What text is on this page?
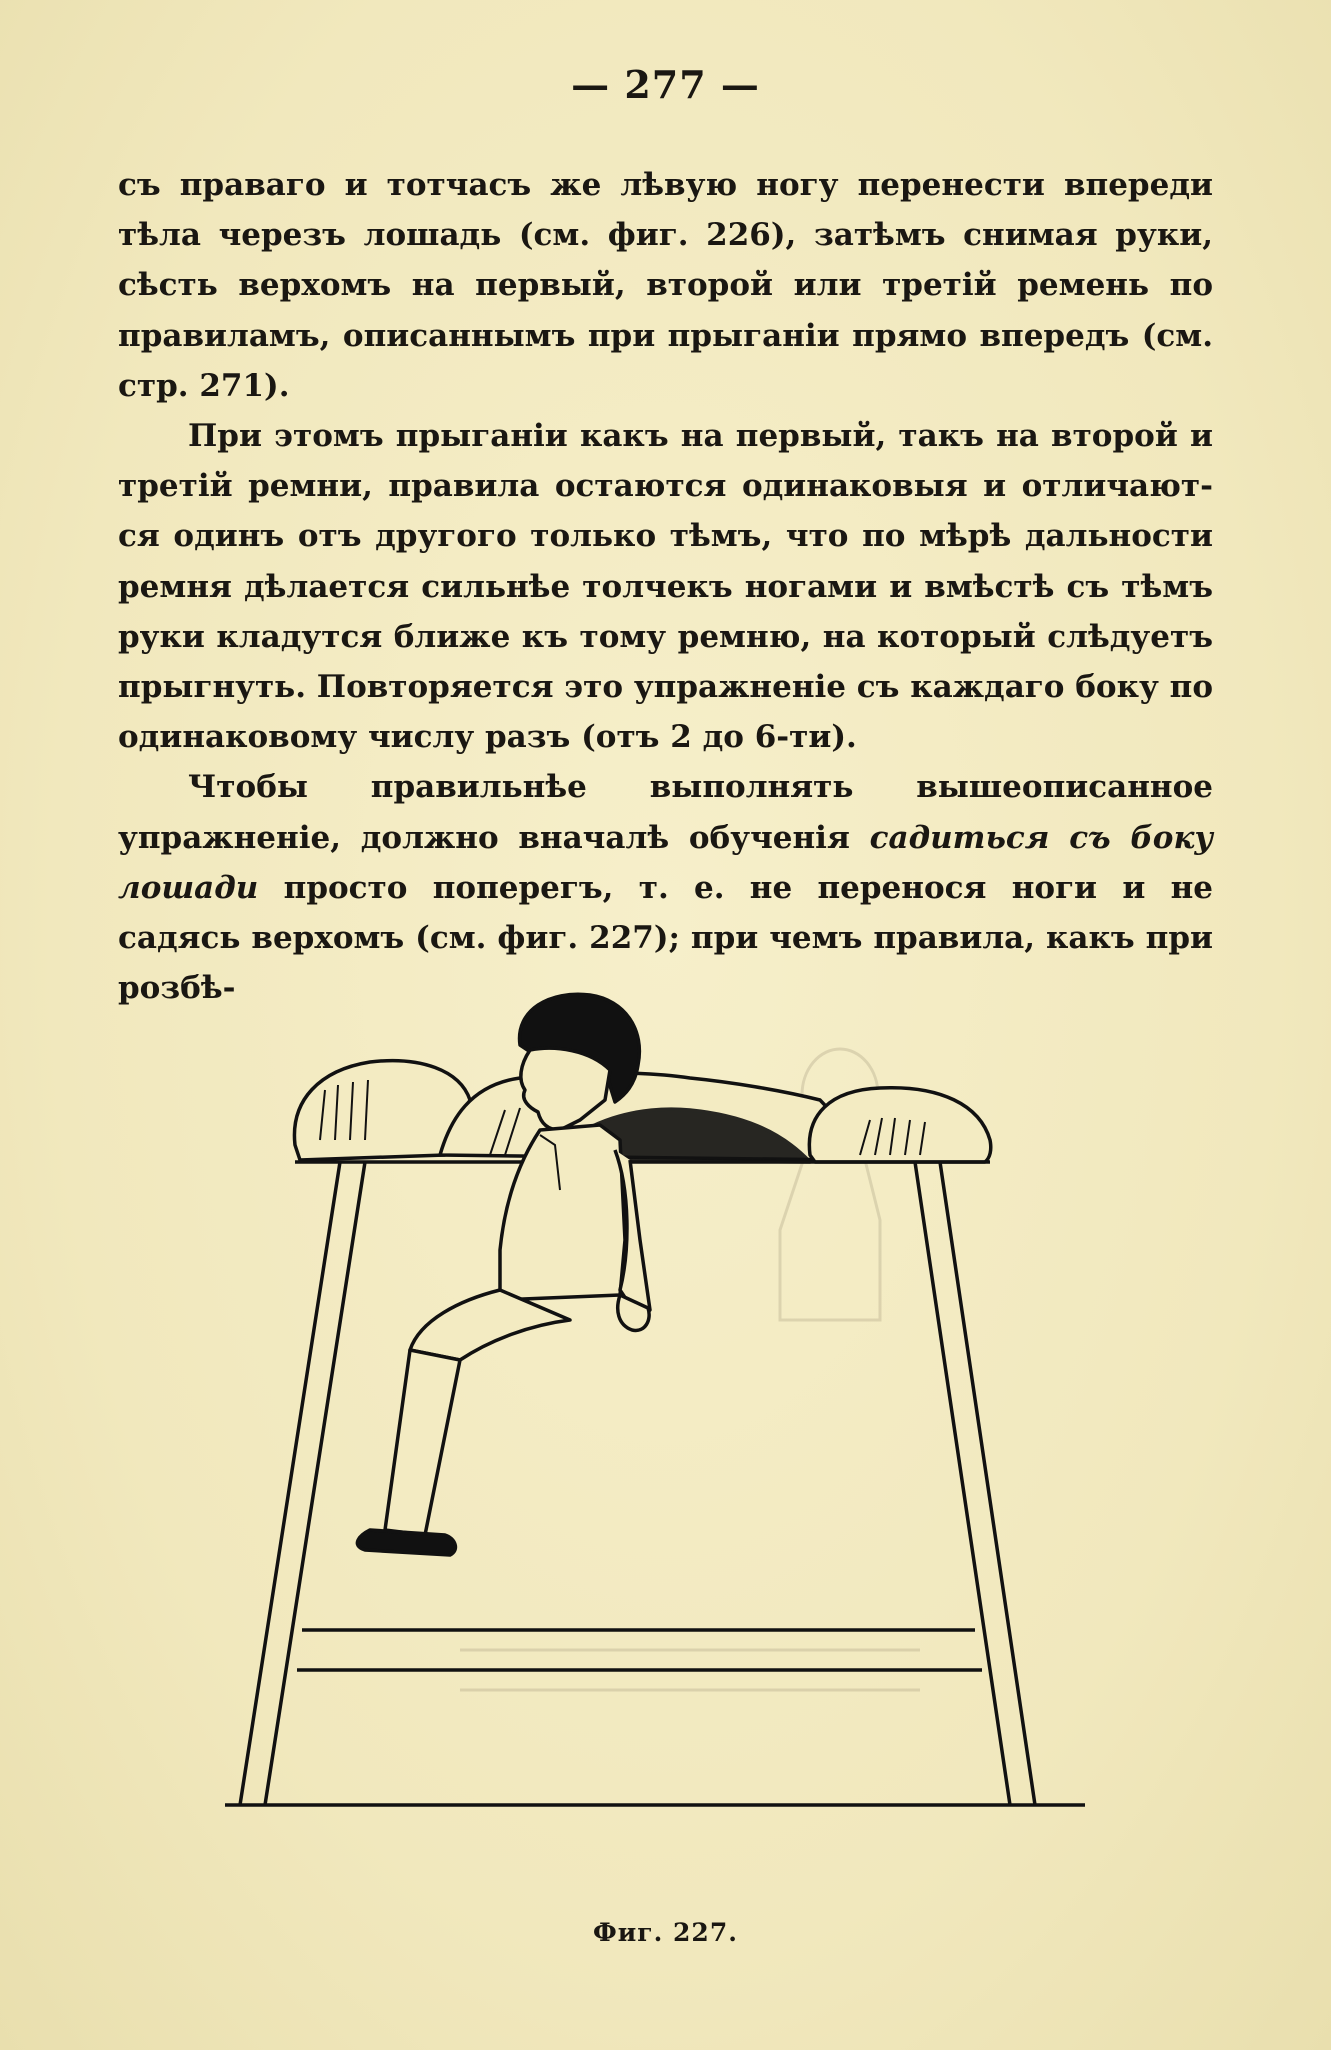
— 277 —

съ праваго и тотчасъ же лѣвую ногу перенести впереди тѣла черезъ лошадь (см. фиг. 226), затѣмъ снимая руки, сѣсть верхомъ на первый, второй или третій ремень по правиламъ, описаннымъ при прыганіи прямо впередъ (см. стр. 271).

При этомъ прыганіи какъ на первый, такъ на второй и третій ремни, правила остаются одинаковыя и отличают-ся одинъ отъ другого только тѣмъ, что по мѣрѣ дальности ремня дѣлается сильнѣе толчекъ ногами и вмѣстѣ съ тѣмъ руки кладутся ближе къ тому ремню, на который слѣдуетъ прыгнуть. Повторяется это упражненіе съ каждаго боку по одинаковому числу разъ (отъ 2 до 6-ти).

Чтобы правильнѣе выполнять вышеописанное упражненіе, должно вначалѣ обученія садиться съ боку лошади просто поперегъ, т. е. не перенося ноги и не садясь верхомъ (см. фиг. 227); при чемъ правила, какъ при розбѣ-

Фиг. 227.
